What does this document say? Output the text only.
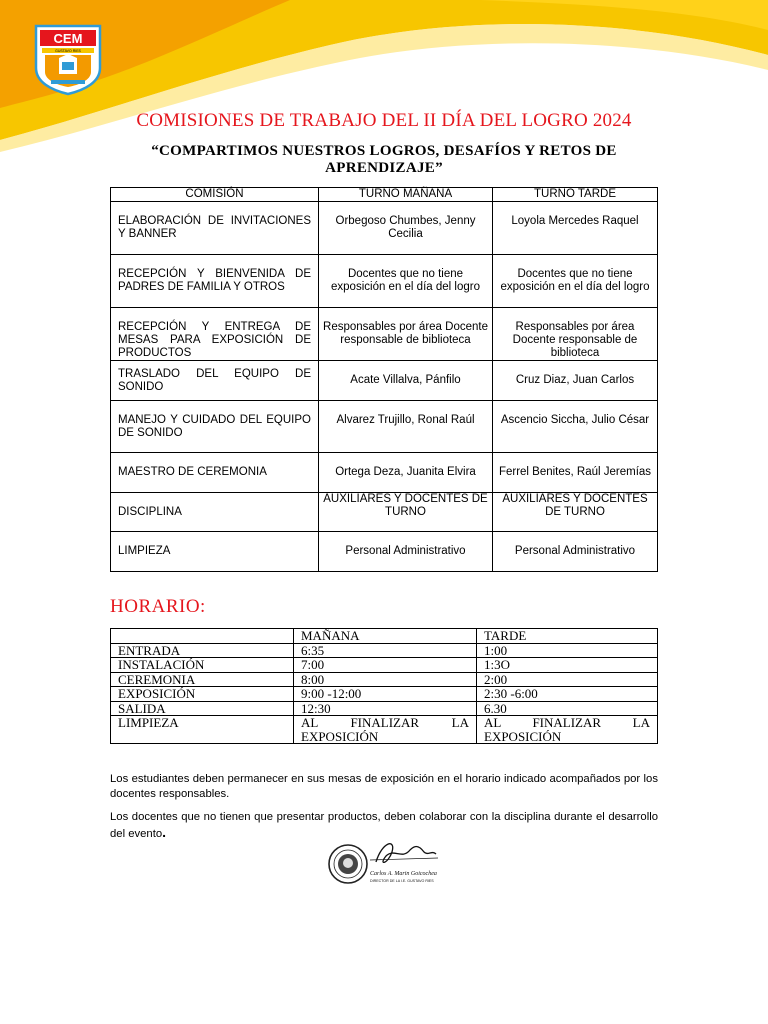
CEM
GUSTAVO RIES
COMISIONES DE TRABAJO DEL II DÍA DEL LOGRO 2024
“COMPARTIMOS NUESTROS LOGROS, DESAFÍOS Y RETOS DE APRENDIZAJE”
COMISIÓN	TURNO MAÑANA	TURNO TARDE
ELABORACIÓN DE INVITACIONES Y BANNER	Orbegoso Chumbes, Jenny Cecilia	Loyola Mercedes Raquel
RECEPCIÓN Y BIENVENIDA DE PADRES DE FAMILIA Y OTROS	Docentes que no tiene exposición en el día del logro	Docentes que no tiene exposición en el día del logro
RECEPCIÓN Y ENTREGA DE MESAS PARA EXPOSICIÓN DE PRODUCTOS	Responsables por área Docente responsable de biblioteca	Responsables por área Docente responsable de biblioteca
TRASLADO DEL EQUIPO DE SONIDO	Acate Villalva, Pánfilo	Cruz Diaz, Juan Carlos
MANEJO Y CUIDADO DEL EQUIPO DE SONIDO	Alvarez Trujillo, Ronal Raúl	Ascencio Siccha, Julio César
MAESTRO DE CEREMONIA	Ortega Deza, Juanita Elvira	Ferrel Benites, Raúl Jeremías
DISCIPLINA	AUXILIARES Y DOCENTES DE TURNO	AUXILIARES Y DOCENTES DE TURNO
LIMPIEZA	Personal Administrativo	Personal Administrativo
HORARIO:
	MAÑANA	TARDE
ENTRADA	6:35	1:00
INSTALACIÓN	7:00	1:3O
CEREMONIA	8:00	2:00
EXPOSICIÓN	9:00 -12:00	2:30 -6:00
SALIDA	12:30	6.30
LIMPIEZA	AL FINALIZAR LA EXPOSICIÓN	AL FINALIZAR LA EXPOSICIÓN

Los estudiantes deben permanecer en sus mesas de exposición en el horario indicado acompañados por los docentes responsables.

Los docentes que no tienen que presentar productos, deben colaborar con la disciplina durante el desarrollo del evento.

Carlos A. Marin Goicochea
DIRECTOR DE LA I.E. GUSTAVO RIES
